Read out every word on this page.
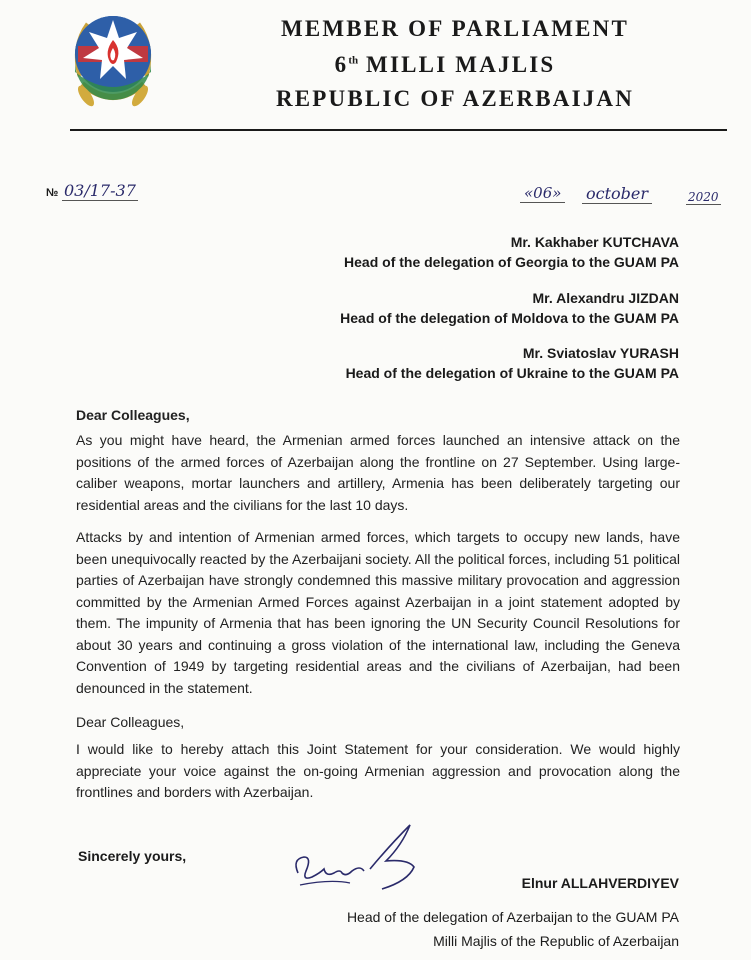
MEMBER OF PARLIAMENT
6th MILLI MAJLIS
REPUBLIC OF AZERBAIJAN
№ 03/17-37	«06» october	2020
Mr. Kakhaber KUTCHAVA
Head of the delegation of Georgia to the GUAM PA
Mr. Alexandru JIZDAN
Head of the delegation of Moldova to the GUAM PA
Mr. Sviatoslav YURASH
Head of the delegation of Ukraine to the GUAM PA
Dear Colleagues,
As you might have heard, the Armenian armed forces launched an intensive attack on the positions of the armed forces of Azerbaijan along the frontline on 27 September. Using large-caliber weapons, mortar launchers and artillery, Armenia has been deliberately targeting our residential areas and the civilians for the last 10 days.
Attacks by and intention of Armenian armed forces, which targets to occupy new lands, have been unequivocally reacted by the Azerbaijani society. All the political forces, including 51 political parties of Azerbaijan have strongly condemned this massive military provocation and aggression committed by the Armenian Armed Forces against Azerbaijan in a joint statement adopted by them. The impunity of Armenia that has been ignoring the UN Security Council Resolutions for about 30 years and continuing a gross violation of the international law, including the Geneva Convention of 1949 by targeting residential areas and the civilians of Azerbaijan, had been denounced in the statement.
Dear Colleagues,
I would like to hereby attach this Joint Statement for your consideration. We would highly appreciate your voice against the on-going Armenian aggression and provocation along the frontlines and borders with Azerbaijan.
Sincerely yours,
Elnur ALLAHVERDIYEV
Head of the delegation of Azerbaijan to the GUAM PA
Milli Majlis of the Republic of Azerbaijan
